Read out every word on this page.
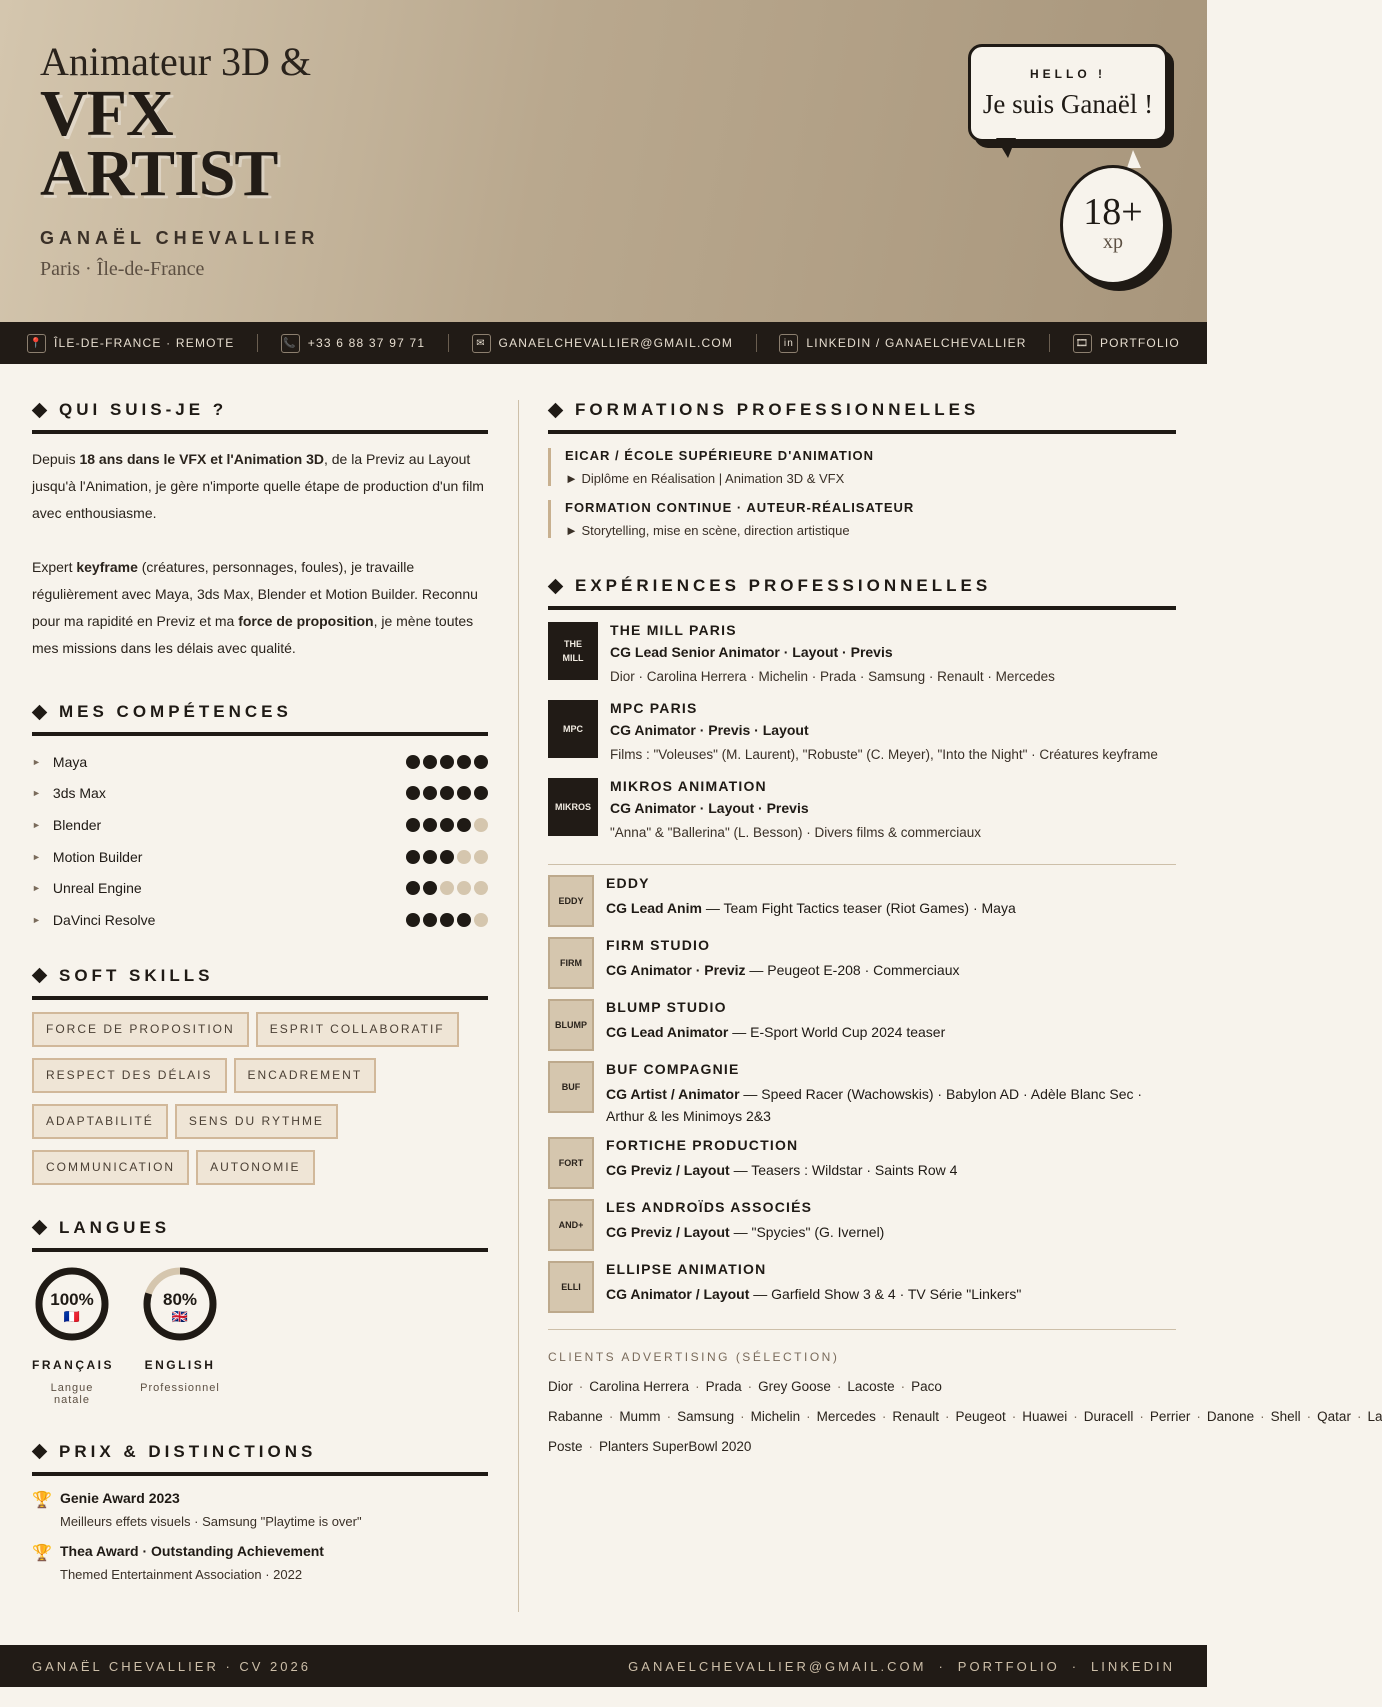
Animateur 3D &
VFX
ARTIST
GANAËL CHEVALLIER
Paris · Île-de-France
HELLO !
Je suis Ganaël !
18+
xp
📍 ÎLE-DE-FRANCE · REMOTE	📞 +33 6 88 37 97 71	✉	GANAELCHEVALLIER@GMAIL.COM	in	LINKEDIN / GANAELCHEVALLIER	🎞 PORTFOLIO
QUI SUIS-JE ?

Depuis 18 ans dans le VFX et l'Animation 3D, de la Previz au Layout jusqu'à l'Animation, je gère n'importe quelle étape de production d'un film avec enthousiasme.

Expert keyframe (créatures, personnages, foules), je travaille régulièrement avec Maya, 3ds Max, Blender et Motion Builder. Reconnu pour ma rapidité en Previz et ma force de proposition, je mène toutes mes missions dans les délais avec qualité.

MES COMPÉTENCES
► Maya
► 3ds Max
► Blender
► Motion Builder
► Unreal Engine
► DaVinci Resolve
SOFT SKILLS
FORCE DE PROPOSITION	ESPRIT COLLABORATIF
RESPECT DES DÉLAIS	ENCADREMENT
ADAPTABILITÉ	SENS DU RYTHME
COMMUNICATION	AUTONOMIE
LANGUES
100%
🇫🇷
FRANÇAIS
Langue natale
80%
🇬🇧
ENGLISH
Professionnel
PRIX & DISTINCTIONS
🏆 Genie Award 2023
Meilleurs effets visuels · Samsung "Playtime is over"
🏆 Thea Award · Outstanding Achievement
Themed Entertainment Association · 2022
FORMATIONS PROFESSIONNELLES
EICAR / ÉCOLE SUPÉRIEURE D'ANIMATION
► Diplôme en Réalisation | Animation 3D & VFX
FORMATION CONTINUE · AUTEUR-RÉALISATEUR
► Storytelling, mise en scène, direction artistique
EXPÉRIENCES PROFESSIONNELLES
THE
MILL
THE MILL PARIS
CG Lead Senior Animator · Layout · Previs
Dior · Carolina Herrera · Michelin · Prada · Samsung · Renault · Mercedes
MPC
MPC PARIS
CG Animator · Previs · Layout
Films : "Voleuses" (M. Laurent), "Robuste" (C. Meyer), "Into the Night" · Créatures keyframe
MIKROS
MIKROS ANIMATION
CG Animator · Layout · Previs
"Anna" & "Ballerina" (L. Besson) · Divers films & commerciaux
EDDY
EDDY
CG Lead Anim — Team Fight Tactics teaser (Riot Games) · Maya
FIRM
FIRM STUDIO
CG Animator · Previz — Peugeot E-208 · Commerciaux
BLUMP
BLUMP STUDIO
CG Lead Animator — E-Sport World Cup 2024 teaser
BUF
BUF COMPAGNIE
CG Artist / Animator — Speed Racer (Wachowskis) · Babylon AD · Adèle Blanc Sec · Arthur & les Minimoys 2&3
FORT
FORTICHE PRODUCTION
CG Previz / Layout — Teasers : Wildstar · Saints Row 4
AND+
LES ANDROÏDS ASSOCIÉS
CG Previz / Layout — "Spycies" (G. Ivernel)
ELLI
ELLIPSE ANIMATION
CG Animator / Layout — Garfield Show 3 & 4 · TV Série "Linkers"
CLIENTS ADVERTISING (SÉLECTION)
Dior · Carolina Herrera · Prada · Grey Goose · Lacoste · Paco Rabanne · Mumm · Samsung · Michelin · Mercedes · Renault · Peugeot · Huawei · Duracell · Perrier · Danone · Shell · Qatar · La Poste · Planters SuperBowl 2020
GANAËL CHEVALLIER · CV 2026	GANAELCHEVALLIER@GMAIL.COM · PORTFOLIO · LINKEDIN
